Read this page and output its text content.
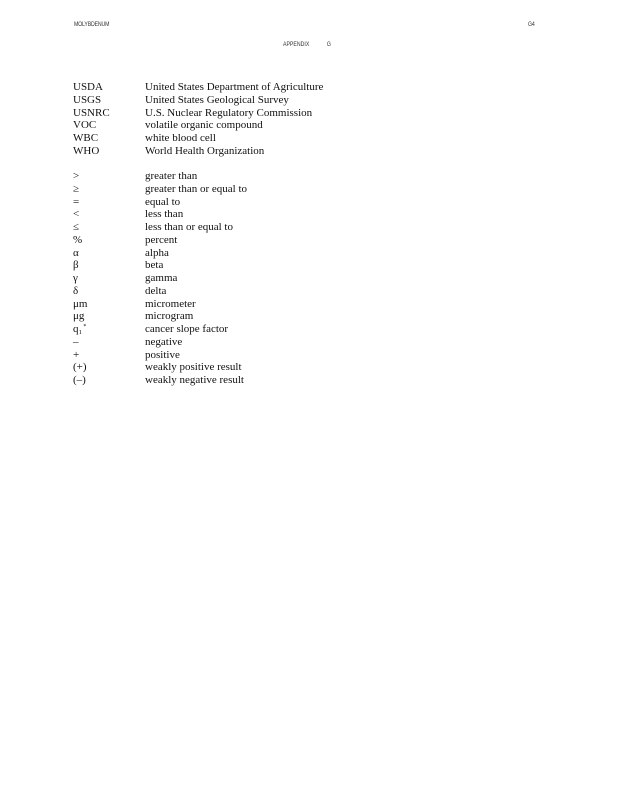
MOLYBDENUM	G4
APPENDIX	G
USDA	United States Department of Agriculture
USGS	United States Geological Survey
USNRC	U.S. Nuclear Regulatory Commission
VOC	volatile organic compound
WBC	white blood cell
WHO	World Health Organization
>	greater than
≥	greater than or equal to
=	equal to
<	less than
≤	less than or equal to
%	percent
α	alpha
β	beta
γ	gamma
δ	delta
μm	micrometer
μg	microgram
q₁*	cancer slope factor
–	negative
+	positive
(+)	weakly positive result
(–)	weakly negative result
